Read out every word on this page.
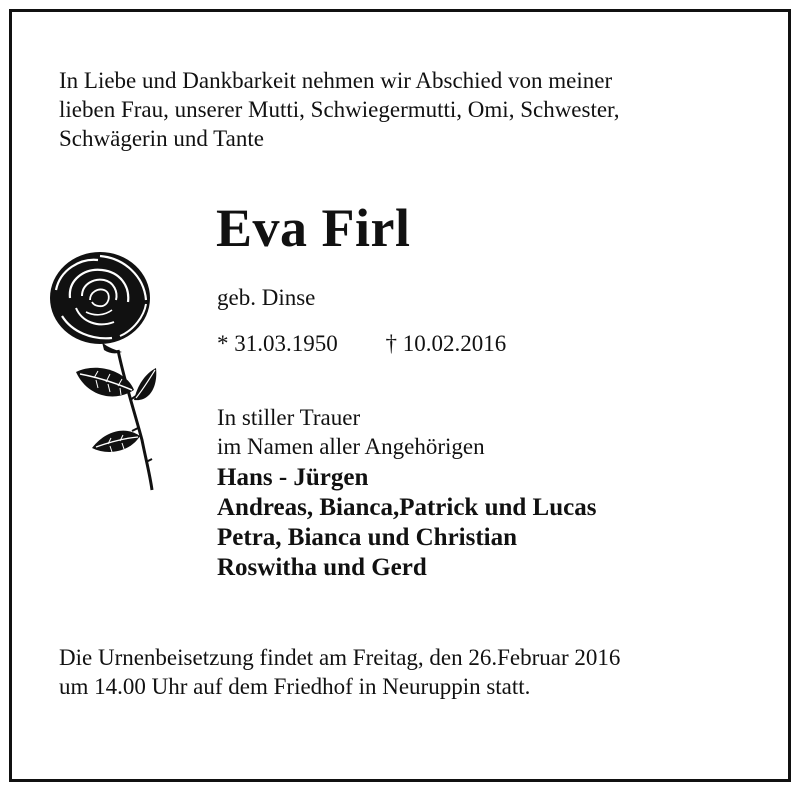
In Liebe und Dankbarkeit nehmen wir Abschied von meiner
lieben Frau, unserer Mutti, Schwiegermutti, Omi, Schwester,
Schwägerin und Tante

Eva Firl

geb. Dinse

* 31.03.1950 † 10.02.2016
In stiller Trauer
im Namen aller Angehörigen
Hans - Jürgen
Andreas, Bianca,Patrick und Lucas
Petra, Bianca und Christian
Roswitha und Gerd

Die Urnenbeisetzung findet am Freitag, den 26.Februar 2016
um 14.00 Uhr auf dem Friedhof in Neuruppin statt.
